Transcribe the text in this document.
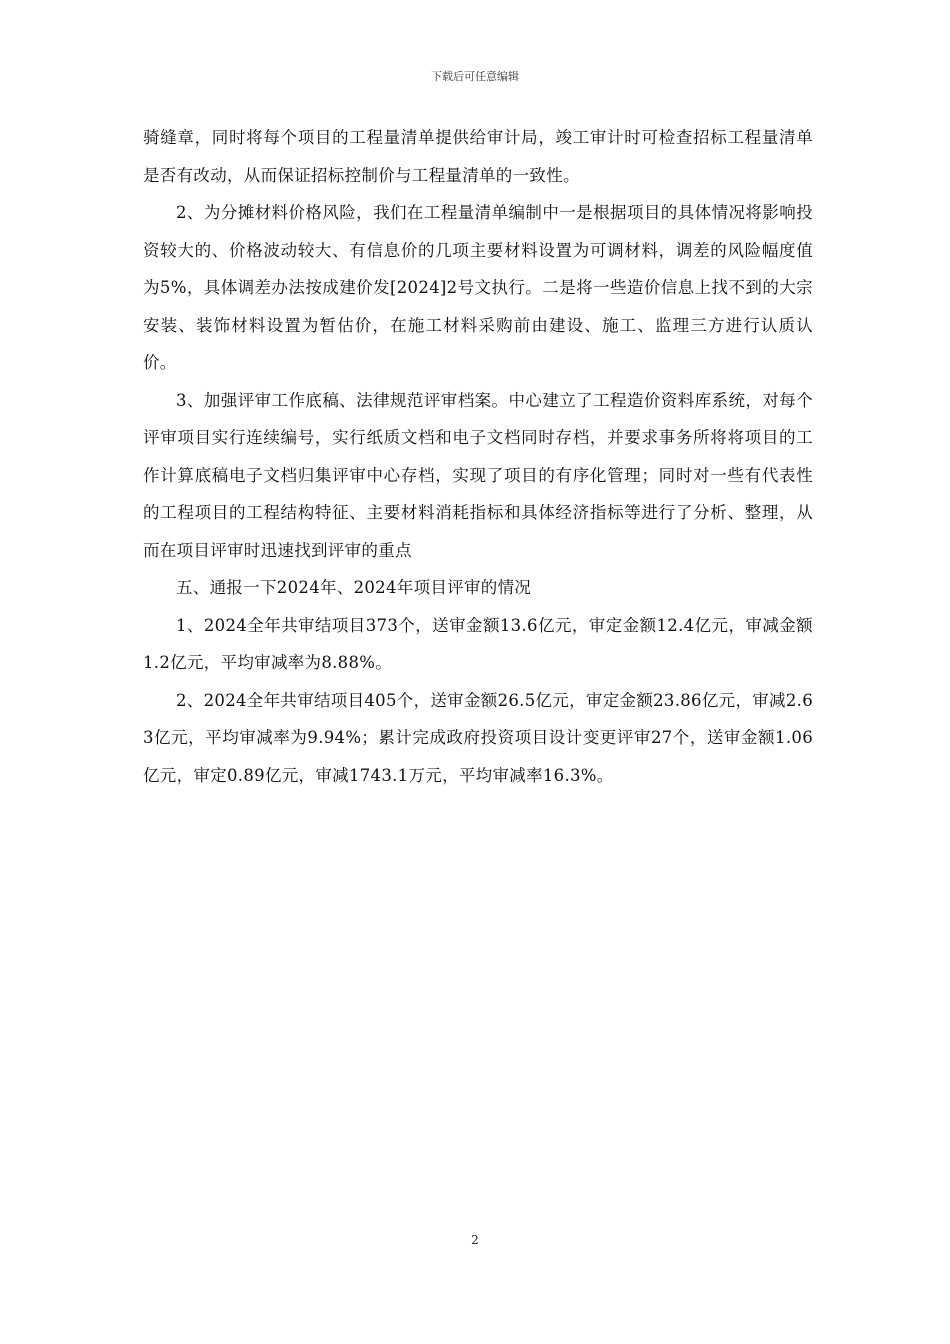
下载后可任意编辑

骑缝章，同时将每个项目的工程量清单提供给审计局，竣工审计时可检查招标工程量清单是否有改动，从而保证招标控制价与工程量清单的一致性。

2、为分摊材料价格风险，我们在工程量清单编制中一是根据项目的具体情况将影响投资较大的、价格波动较大、有信息价的几项主要材料设置为可调材料，调差的风险幅度值为5%，具体调差办法按成建价发[2024]2号文执行。二是将一些造价信息上找不到的大宗安装、装饰材料设置为暂估价，在施工材料采购前由建设、施工、监理三方进行认质认价。

3、加强评审工作底稿、法律规范评审档案。中心建立了工程造价资料库系统，对每个评审项目实行连续编号，实行纸质文档和电子文档同时存档，并要求事务所将将项目的工作计算底稿电子文档归集评审中心存档，实现了项目的有序化管理；同时对一些有代表性的工程项目的工程结构特征、主要材料消耗指标和具体经济指标等进行了分析、整理，从而在项目评审时迅速找到评审的重点

五、通报一下2024年、2024年项目评审的情况

1、2024全年共审结项目373个，送审金额13.6亿元，审定金额12.4亿元，审减金额1.2亿元，平均审减率为8.88%。

2、2024全年共审结项目405个，送审金额26.5亿元，审定金额23.86亿元，审减2.63亿元，平均审减率为9.94%；累计完成政府投资项目设计变更评审27个，送审金额1.06亿元，审定0.89亿元，审减1743.1万元，平均审减率16.3%。

2
